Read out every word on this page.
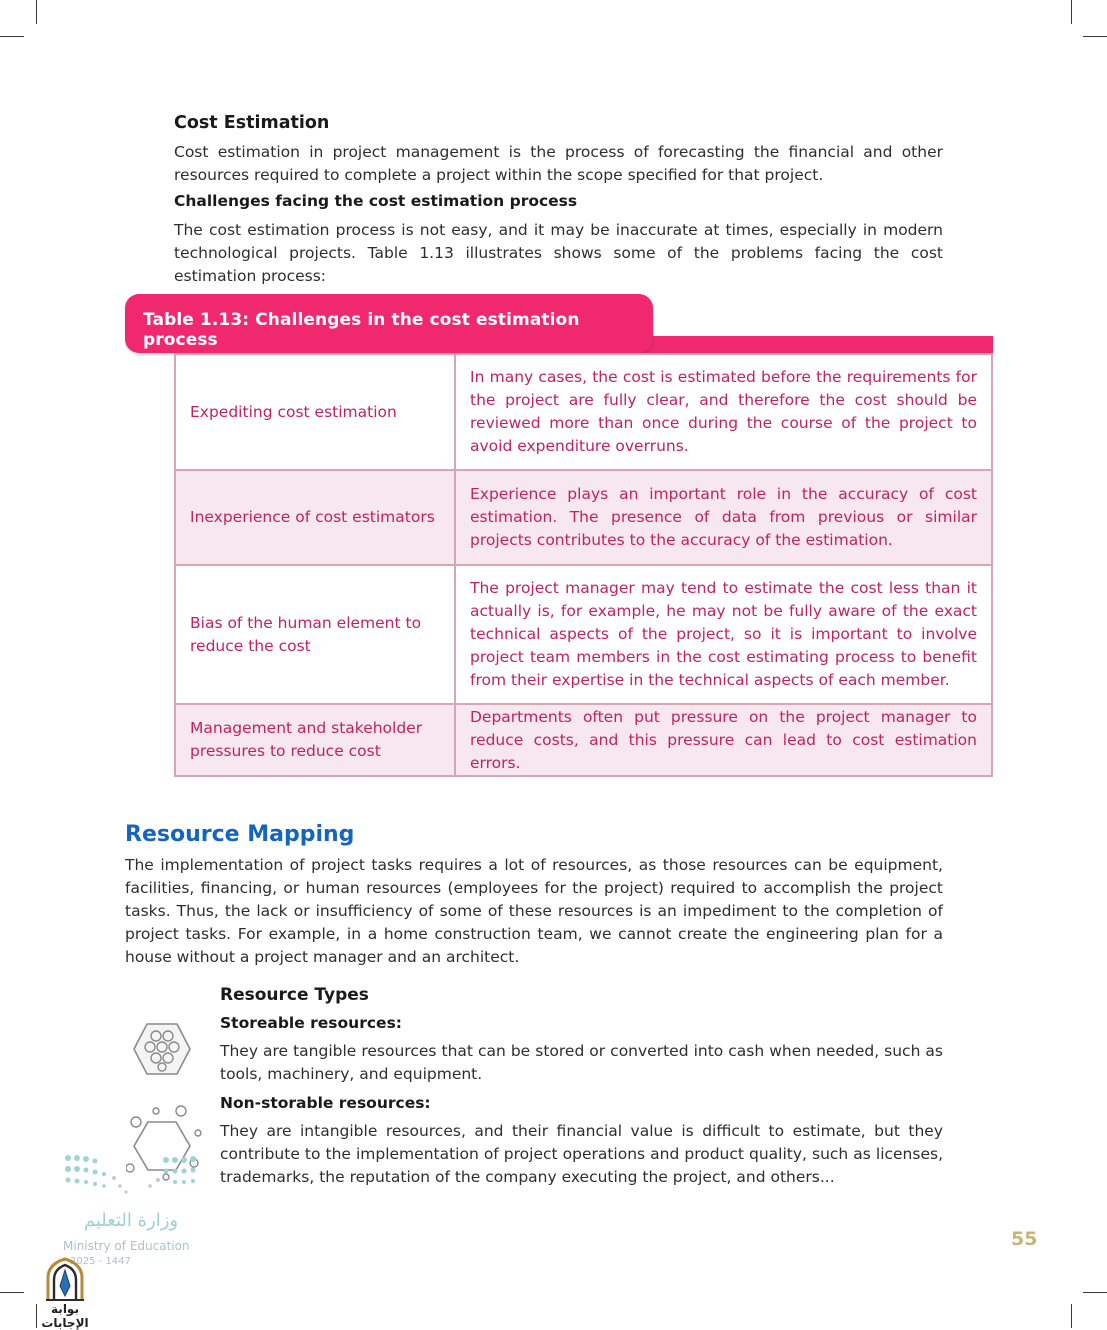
Cost Estimation
Cost estimation in project management is the process of forecasting the financial and other resources required to complete a project within the scope specified for that project.
Challenges facing the cost estimation process
The cost estimation process is not easy, and it may be inaccurate at times, especially in modern technological projects. Table 1.13 illustrates shows some of the problems facing the cost estimation process:
Table 1.13: Challenges in the cost estimation process
Expediting cost estimation	In many cases, the cost is estimated before the requirements for the project are fully clear, and therefore the cost should be reviewed more than once during the course of the project to avoid expenditure overruns.
Inexperience of cost estimators	Experience plays an important role in the accuracy of cost estimation. The presence of data from previous or similar projects contributes to the accuracy of the estimation.
Bias of the human element to reduce the cost	The project manager may tend to estimate the cost less than it actually is, for example, he may not be fully aware of the exact technical aspects of the project, so it is important to involve project team members in the cost estimating process to benefit from their expertise in the technical aspects of each member.
Management and stakeholder pressures to reduce cost	Departments often put pressure on the project manager to reduce costs, and this pressure can lead to cost estimation errors.
Resource Mapping
The implementation of project tasks requires a lot of resources, as those resources can be equipment, facilities, financing, or human resources (employees for the project) required to accomplish the project tasks. Thus, the lack or insufficiency of some of these resources is an impediment to the completion of project tasks. For example, in a home construction team, we cannot create the engineering plan for a house without a project manager and an architect.
Resource Types
Storeable resources:
They are tangible resources that can be stored or converted into cash when needed, such as tools, machinery, and equipment.
Non-storable resources:
They are intangible resources, and their financial value is difficult to estimate, but they contribute to the implementation of project operations and product quality, such as licenses, trademarks, the reputation of the company executing the project, and others...
وزارة التعليم
Ministry of Education
2025 - 1447
بوابة الإجابات
55
